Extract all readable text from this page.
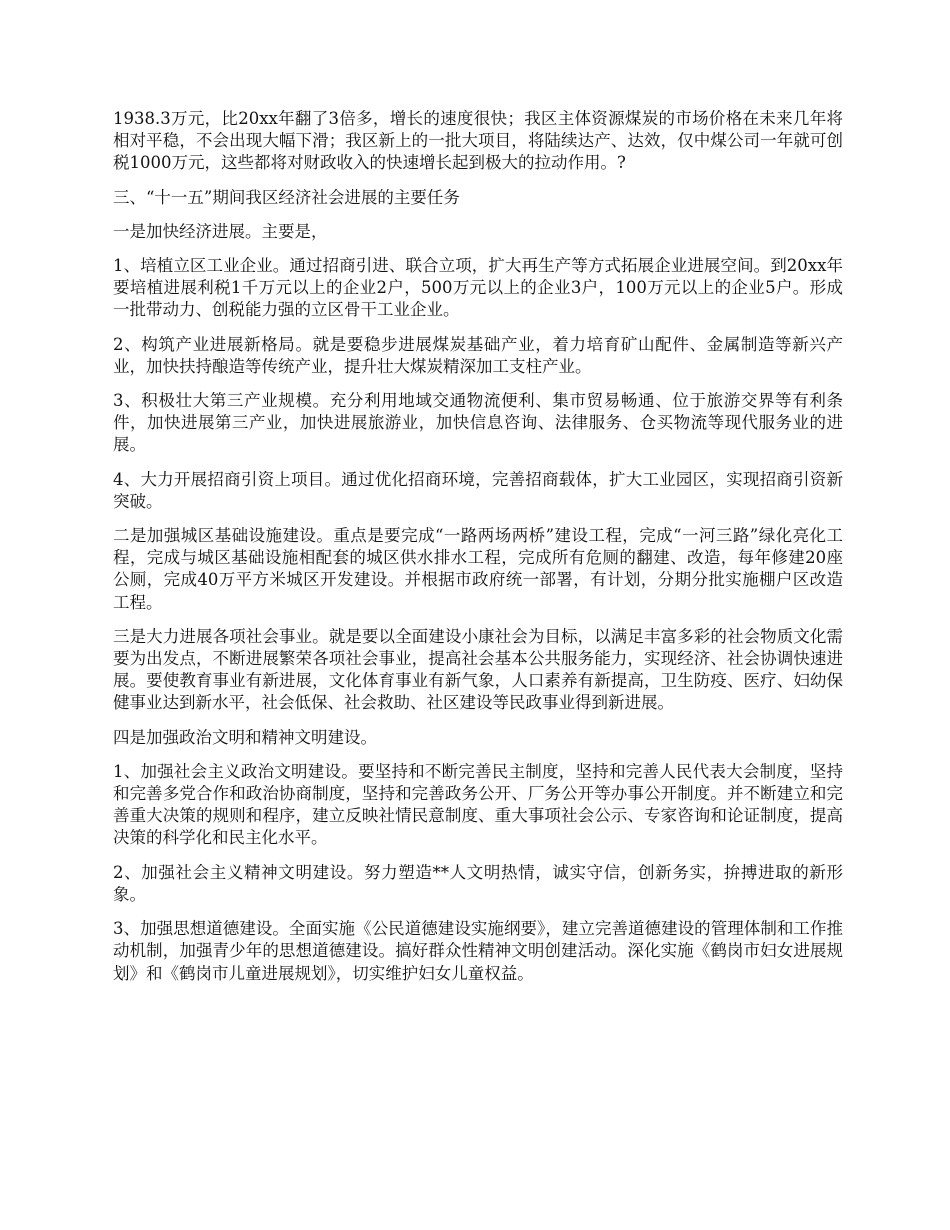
1938.3万元，比20xx年翻了3倍多，增长的速度很快；我区主体资源煤炭的市场价格在未来几年将相对平稳，不会出现大幅下滑；我区新上的一批大项目，将陆续达产、达效，仅中煤公司一年就可创税1000万元，这些都将对财政收入的快速增长起到极大的拉动作用。?

三、“十一五”期间我区经济社会进展的主要任务

一是加快经济进展。主要是，

1、培植立区工业企业。通过招商引进、联合立项，扩大再生产等方式拓展企业进展空间。到20xx年要培植进展利税1千万元以上的企业2户，500万元以上的企业3户，100万元以上的企业5户。形成一批带动力、创税能力强的立区骨干工业企业。

2、构筑产业进展新格局。就是要稳步进展煤炭基础产业，着力培育矿山配件、金属制造等新兴产业，加快扶持酿造等传统产业，提升壮大煤炭精深加工支柱产业。

3、积极壮大第三产业规模。充分利用地域交通物流便利、集市贸易畅通、位于旅游交界等有利条件，加快进展第三产业，加快进展旅游业，加快信息咨询、法律服务、仓买物流等现代服务业的进展。

4、大力开展招商引资上项目。通过优化招商环境，完善招商载体，扩大工业园区，实现招商引资新突破。

二是加强城区基础设施建设。重点是要完成“一路两场两桥”建设工程，完成“一河三路”绿化亮化工程，完成与城区基础设施相配套的城区供水排水工程，完成所有危厕的翻建、改造，每年修建20座公厕，完成40万平方米城区开发建设。并根据市政府统一部署，有计划，分期分批实施棚户区改造工程。

三是大力进展各项社会事业。就是要以全面建设小康社会为目标，以满足丰富多彩的社会物质文化需要为出发点，不断进展繁荣各项社会事业，提高社会基本公共服务能力，实现经济、社会协调快速进展。要使教育事业有新进展，文化体育事业有新气象，人口素养有新提高，卫生防疫、医疗、妇幼保健事业达到新水平，社会低保、社会救助、社区建设等民政事业得到新进展。

四是加强政治文明和精神文明建设。

1、加强社会主义政治文明建设。要坚持和不断完善民主制度，坚持和完善人民代表大会制度，坚持和完善多党合作和政治协商制度，坚持和完善政务公开、厂务公开等办事公开制度。并不断建立和完善重大决策的规则和程序，建立反映社情民意制度、重大事项社会公示、专家咨询和论证制度，提高决策的科学化和民主化水平。

2、加强社会主义精神文明建设。努力塑造**人文明热情，诚实守信，创新务实，拚搏进取的新形象。

3、加强思想道德建设。全面实施《公民道德建设实施纲要》，建立完善道德建设的管理体制和工作推动机制，加强青少年的思想道德建设。搞好群众性精神文明创建活动。深化实施《鹤岗市妇女进展规划》和《鹤岗市儿童进展规划》，切实维护妇女儿童权益。
